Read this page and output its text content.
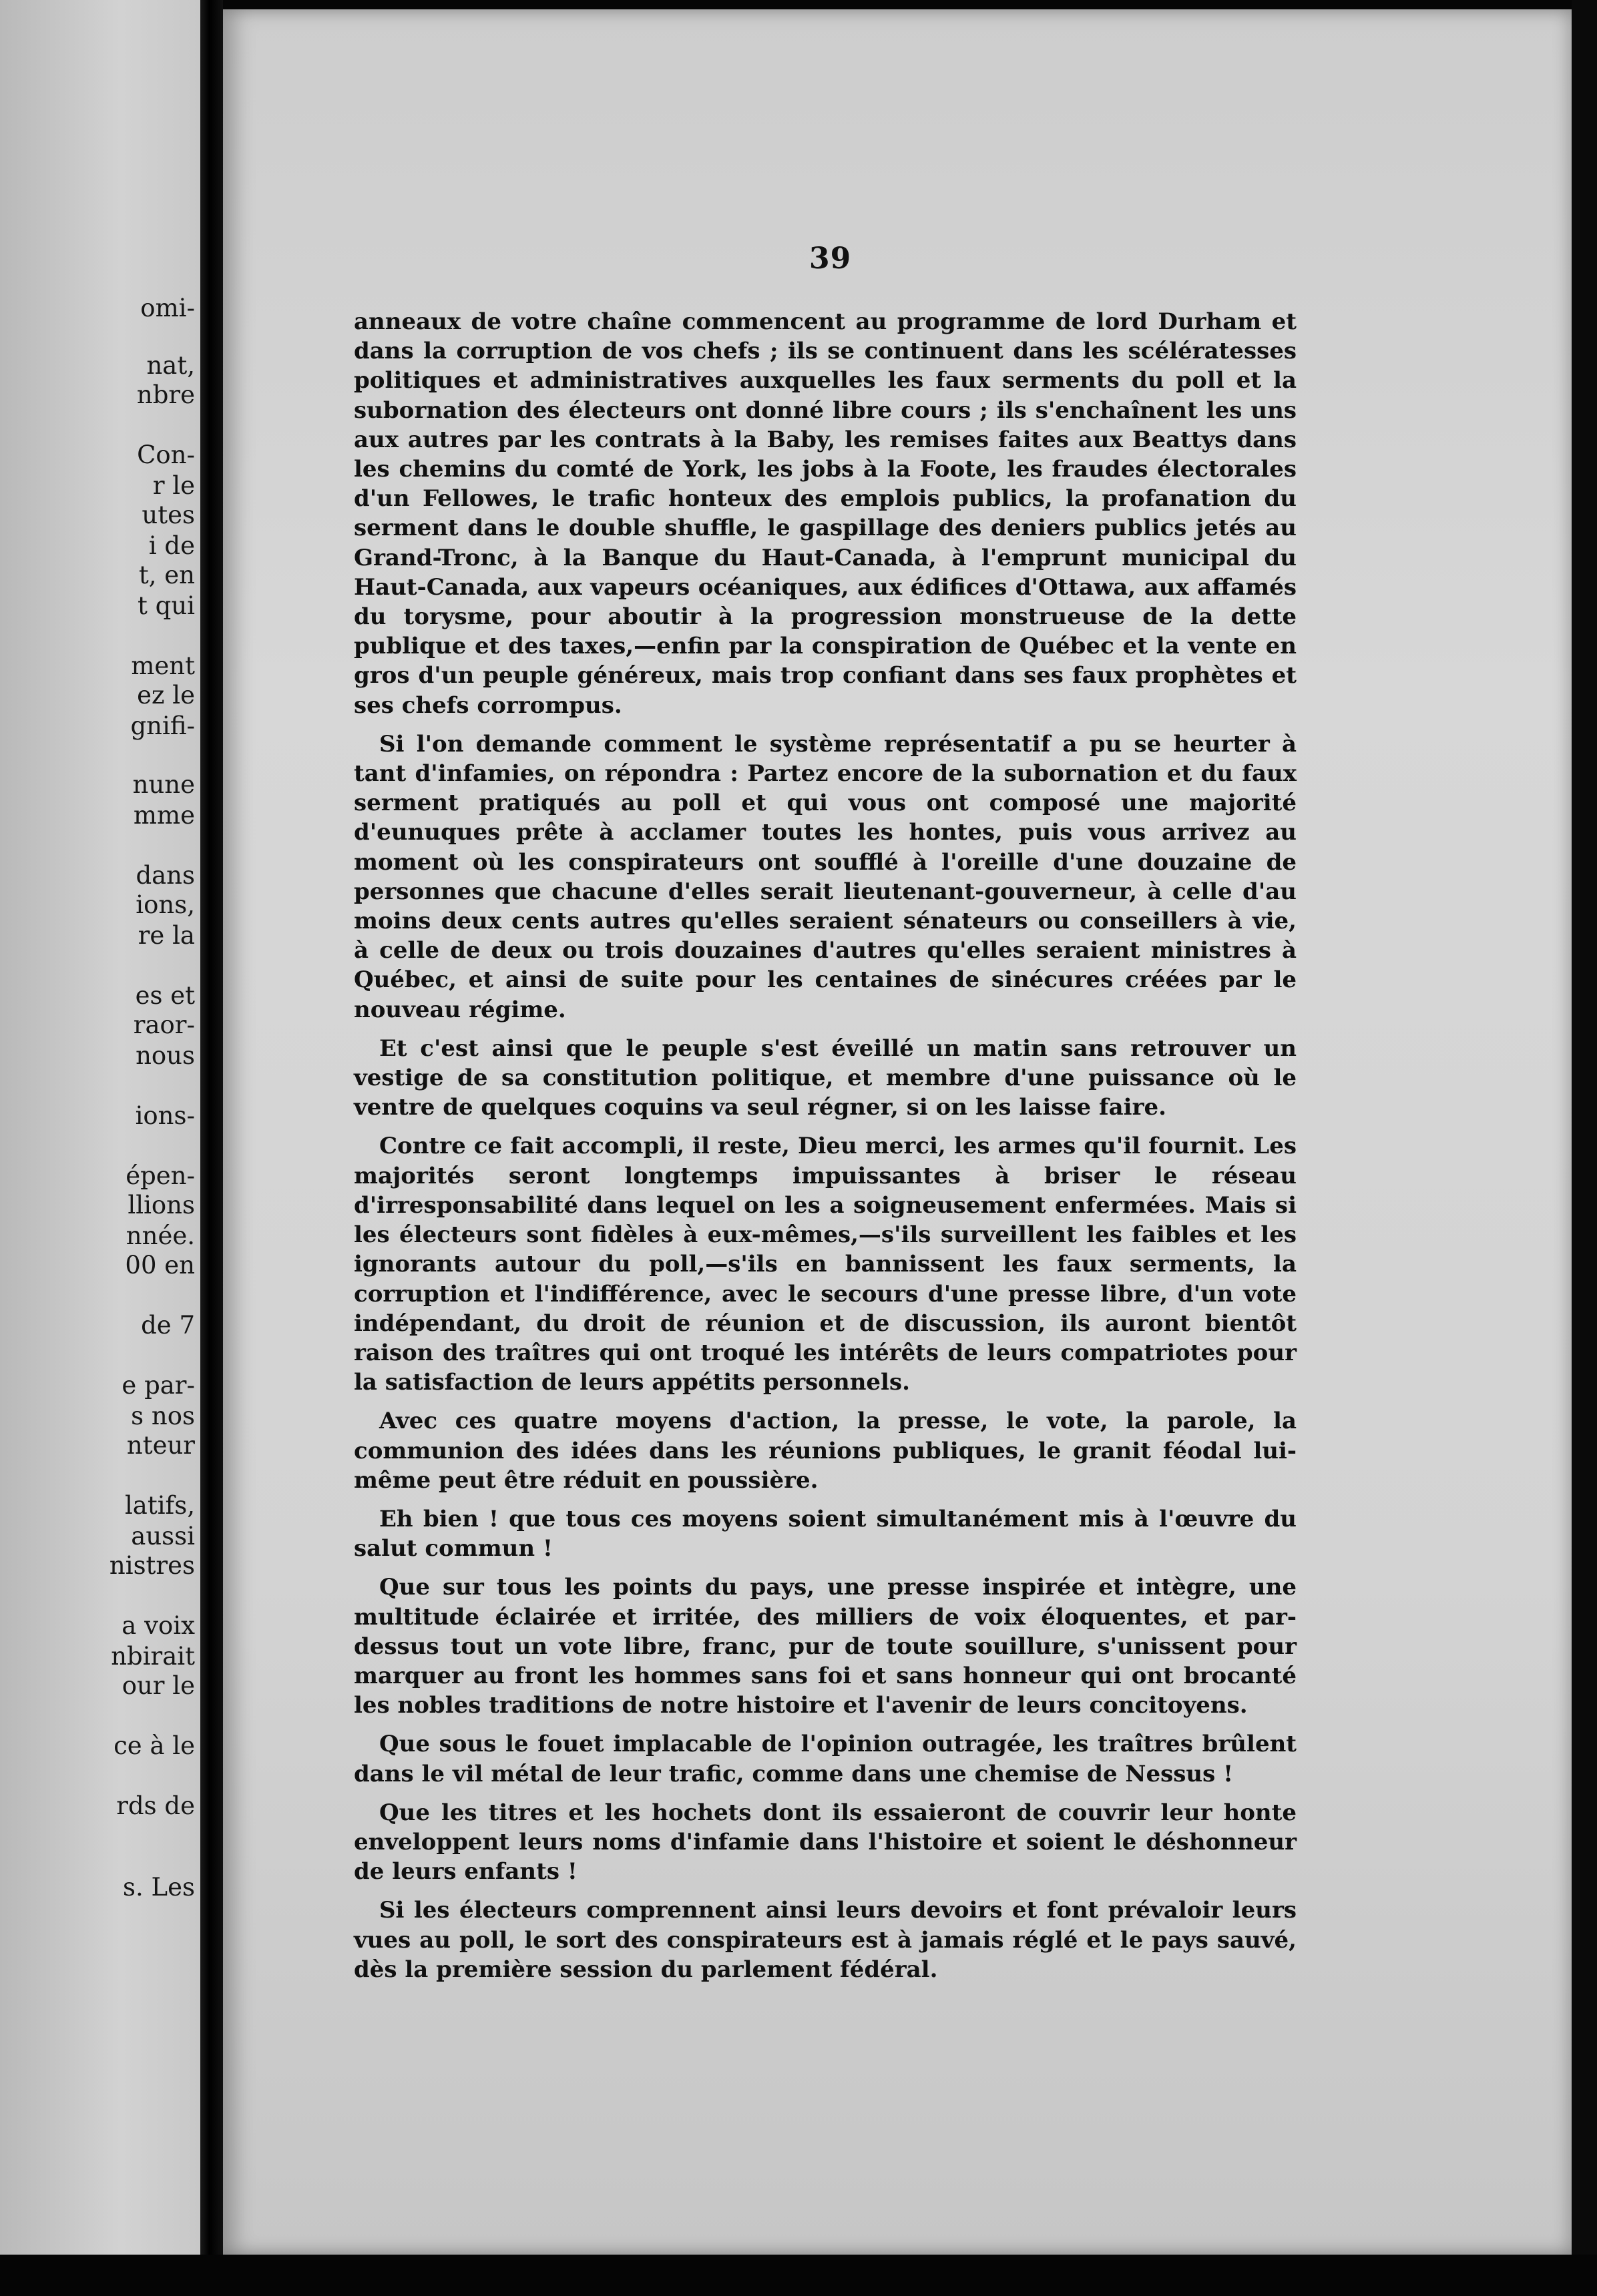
omi-

nat,

nbre

Con-

r le

utes

i de

t, en

t qui

ment

ez le

gnifi-

nune

mme

dans

ions,

re la

es et

raor-

nous

ions-

épen-

llions

nnée.

00 en

de 7

e par-

s nos

nteur

latifs,

aussi

nistres

a voix

nbirait

our le

ce à le

rds de

s. Les

39

anneaux de votre chaîne commencent au programme de lord Durham et dans la corruption de vos chefs ; ils se continuent dans les scélératesses politiques et administratives auxquelles les faux serments du poll et la subornation des électeurs ont donné libre cours ; ils s'enchaînent les uns aux autres par les contrats à la Baby, les remises faites aux Beattys dans les chemins du comté de York, les jobs à la Foote, les fraudes électorales d'un Fellowes, le trafic honteux des emplois publics, la profanation du serment dans le double shuffle, le gaspillage des deniers publics jetés au Grand-Tronc, à la Banque du Haut-Canada, à l'emprunt municipal du Haut-Canada, aux vapeurs océaniques, aux édifices d'Ottawa, aux affamés du torysme, pour aboutir à la progression monstrueuse de la dette publique et des taxes,—enfin par la conspiration de Québec et la vente en gros d'un peuple généreux, mais trop confiant dans ses faux prophètes et ses chefs corrompus.

Si l'on demande comment le système représentatif a pu se heurter à tant d'infamies, on répondra : Partez encore de la subornation et du faux serment pratiqués au poll et qui vous ont composé une majorité d'eunuques prête à acclamer toutes les hontes, puis vous arrivez au moment où les conspirateurs ont soufflé à l'oreille d'une douzaine de personnes que chacune d'elles serait lieutenant-gouverneur, à celle d'au moins deux cents autres qu'elles seraient sénateurs ou conseillers à vie, à celle de deux ou trois douzaines d'autres qu'elles seraient ministres à Québec, et ainsi de suite pour les centaines de sinécures créées par le nouveau régime.

Et c'est ainsi que le peuple s'est éveillé un matin sans retrouver un vestige de sa constitution politique, et membre d'une puissance où le ventre de quelques coquins va seul régner, si on les laisse faire.

Contre ce fait accompli, il reste, Dieu merci, les armes qu'il fournit. Les majorités seront longtemps impuissantes à briser le réseau d'irresponsabilité dans lequel on les a soigneusement enfermées. Mais si les électeurs sont fidèles à eux-mêmes,—s'ils surveillent les faibles et les ignorants autour du poll,—s'ils en bannissent les faux serments, la corruption et l'indifférence, avec le secours d'une presse libre, d'un vote indépendant, du droit de réunion et de discussion, ils auront bientôt raison des traîtres qui ont troqué les intérêts de leurs compatriotes pour la satisfaction de leurs appétits personnels.

Avec ces quatre moyens d'action, la presse, le vote, la parole, la communion des idées dans les réunions publiques, le granit féodal lui-même peut être réduit en poussière.

Eh bien ! que tous ces moyens soient simultanément mis à l'œuvre du salut commun !

Que sur tous les points du pays, une presse inspirée et intègre, une multitude éclairée et irritée, des milliers de voix éloquentes, et par-dessus tout un vote libre, franc, pur de toute souillure, s'unissent pour marquer au front les hommes sans foi et sans honneur qui ont brocanté les nobles traditions de notre histoire et l'avenir de leurs concitoyens.

Que sous le fouet implacable de l'opinion outragée, les traîtres brûlent dans le vil métal de leur trafic, comme dans une chemise de Nessus !

Que les titres et les hochets dont ils essaieront de couvrir leur honte enveloppent leurs noms d'infamie dans l'histoire et soient le déshonneur de leurs enfants !

Si les électeurs comprennent ainsi leurs devoirs et font prévaloir leurs vues au poll, le sort des conspirateurs est à jamais réglé et le pays sauvé, dès la première session du parlement fédéral.
